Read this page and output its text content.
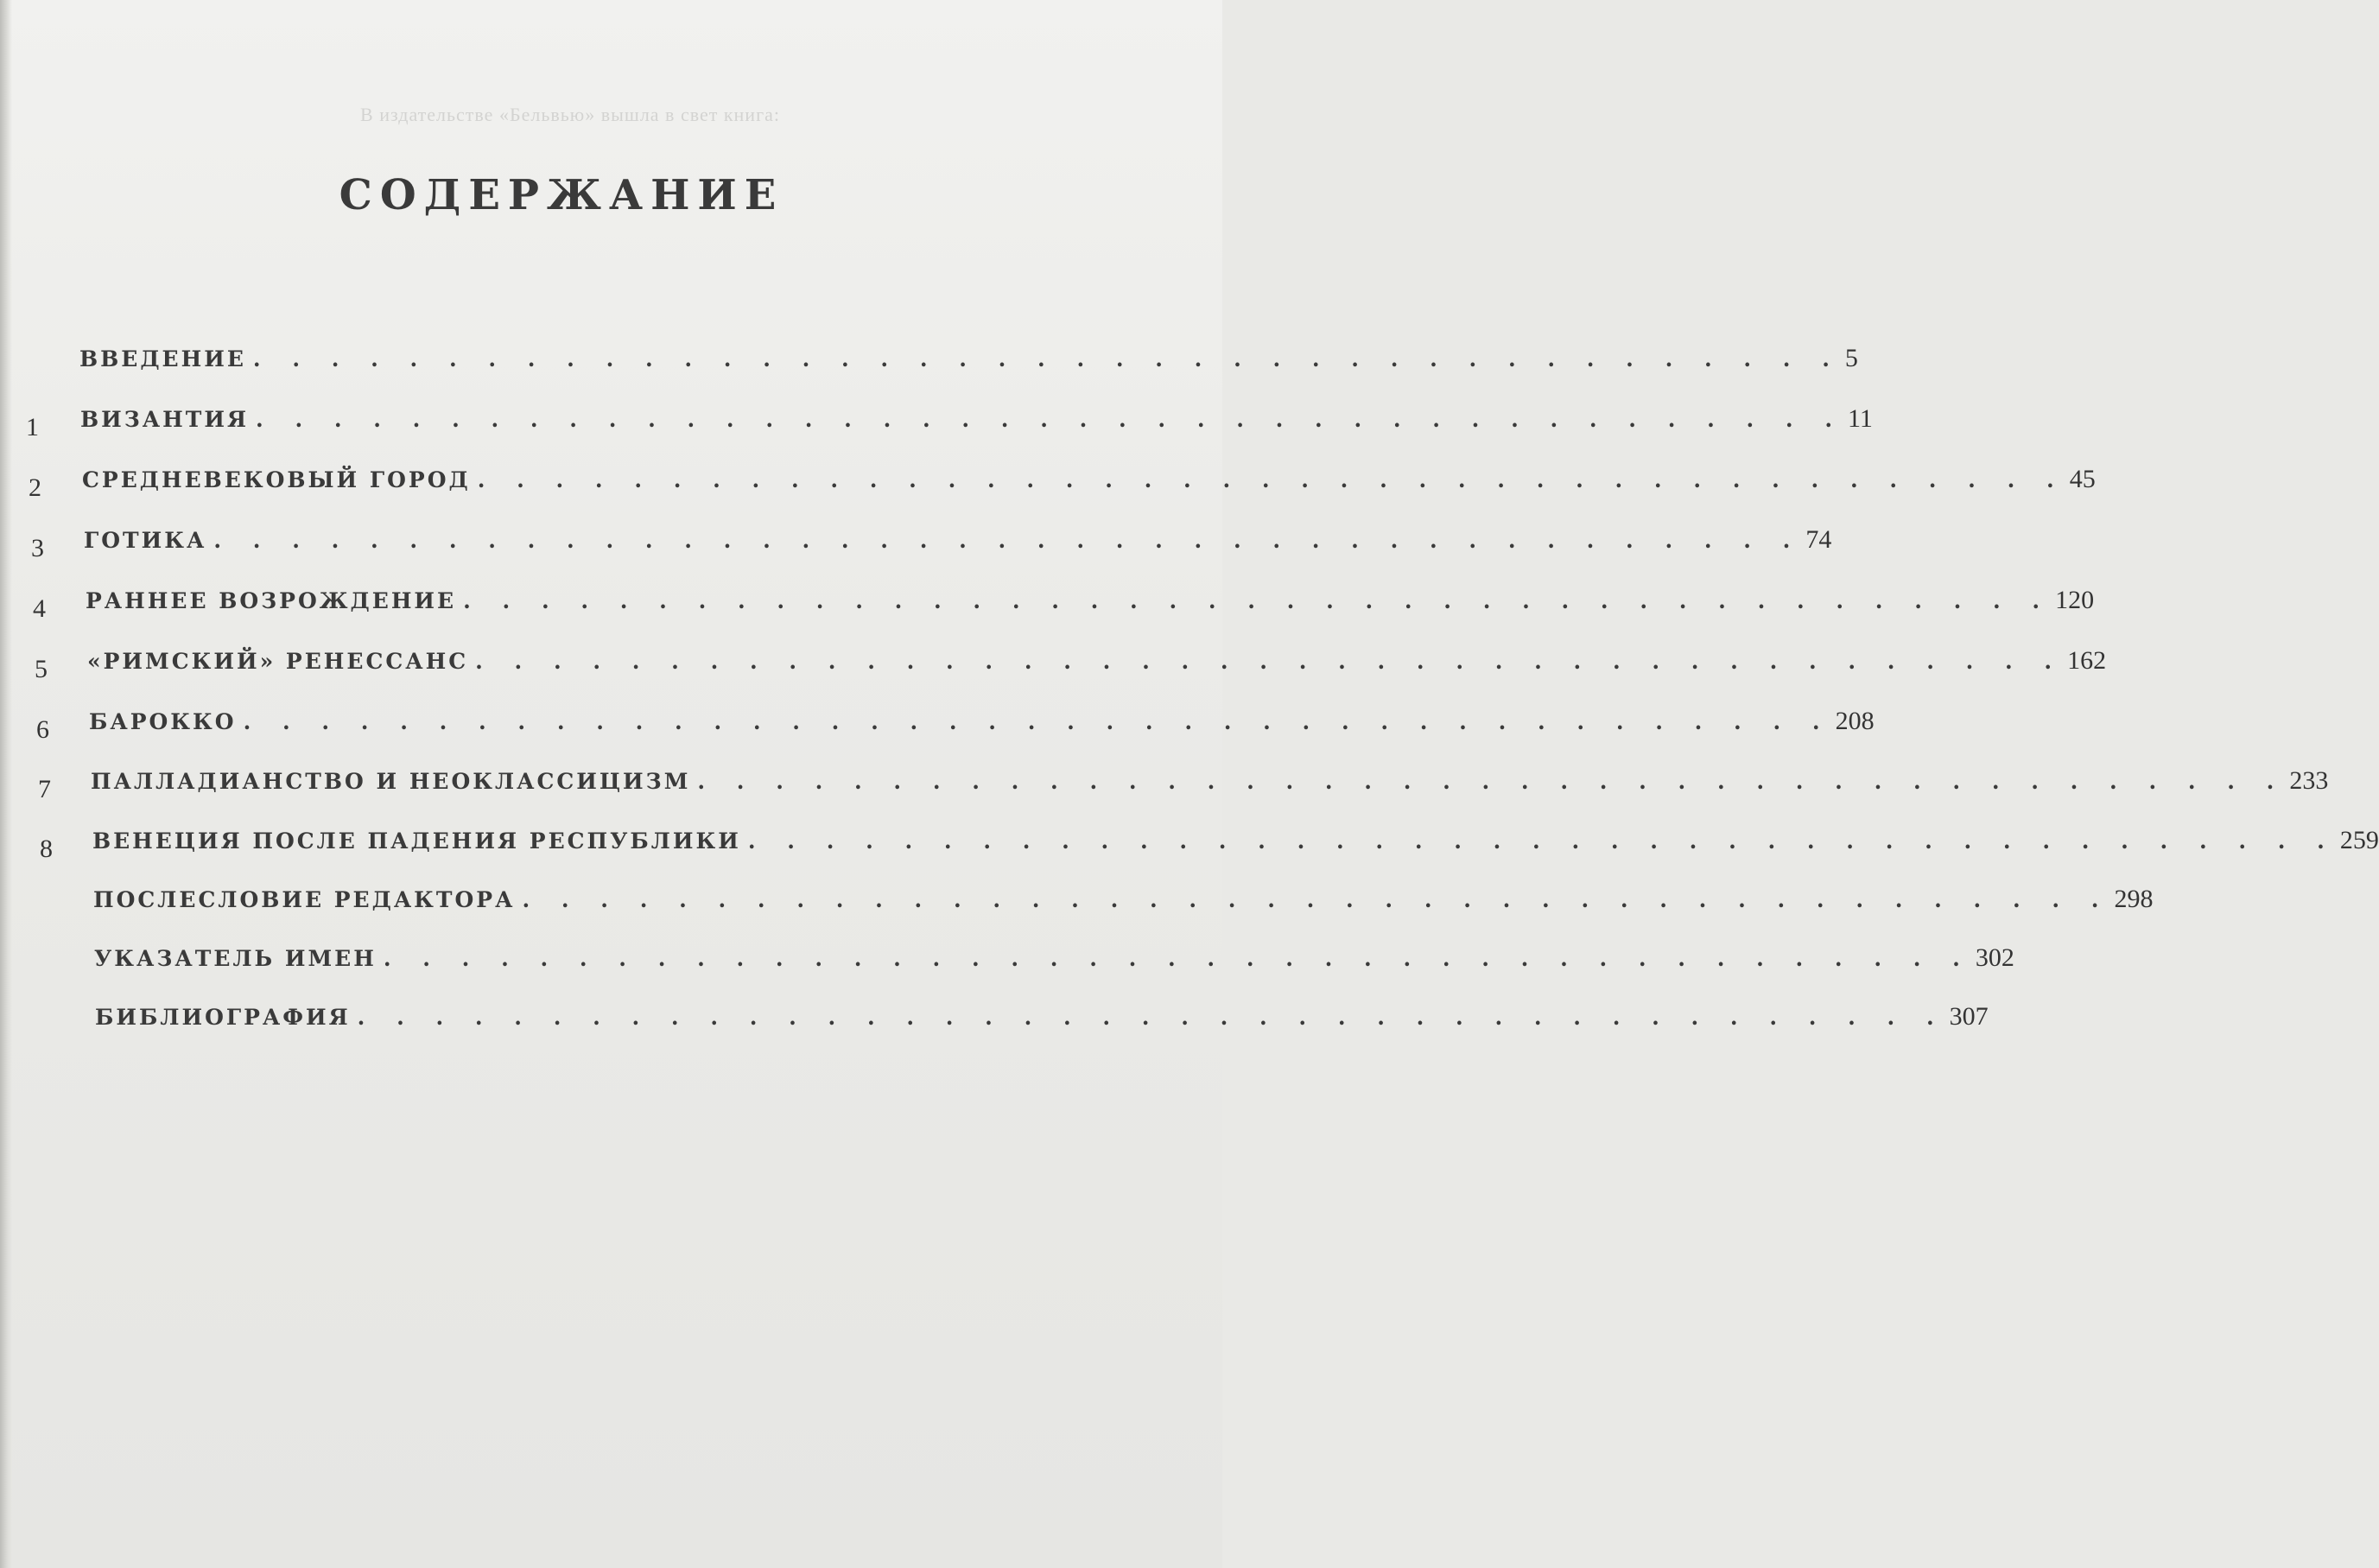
В издательстве «Бельвью» вышла в свет книга:
СОДЕРЖАНИЕ
ВВЕДЕНИЕ . . . . . . . . . . . . . . . . . . . . . . . . . . . . . . . . . . . . . . . . . 5
1 ВИЗАНТИЯ . . . . . . . . . . . . . . . . . . . . . . . . . . . . . . . . . . . . . . . . . 11
2 СРЕДНЕВЕКОВЫЙ ГОРОД . . . . . . . . . . . . . . . . . . . . . . . . . . . . . . . . . . . . . . . . . 45
3 ГОТИКА . . . . . . . . . . . . . . . . . . . . . . . . . . . . . . . . . . . . . . . . . 74
4 РАННЕЕ ВОЗРОЖДЕНИЕ . . . . . . . . . . . . . . . . . . . . . . . . . . . . . . . . . . . . . . . . . 120
5 «РИМСКИЙ» РЕНЕССАНС . . . . . . . . . . . . . . . . . . . . . . . . . . . . . . . . . . . . . . . . . 162
6 БАРОККО . . . . . . . . . . . . . . . . . . . . . . . . . . . . . . . . . . . . . . . . . 208
7 ПАЛЛАДИАНСТВО И НЕОКЛАССИЦИЗМ . . . . . . . . . . . . . . . . . . . . . . . . . . . . . . . . . . . . . . . . . 233
8 ВЕНЕЦИЯ ПОСЛЕ ПАДЕНИЯ РЕСПУБЛИКИ . . . . . . . . . . . . . . . . . . . . . . . . . . . . . . . . . . . . . . . . . 259
ПОСЛЕСЛОВИЕ РЕДАКТОРА . . . . . . . . . . . . . . . . . . . . . . . . . . . . . . . . . . . . . . . . . 298
УКАЗАТЕЛЬ ИМЕН . . . . . . . . . . . . . . . . . . . . . . . . . . . . . . . . . . . . . . . . . 302
БИБЛИОГРАФИЯ . . . . . . . . . . . . . . . . . . . . . . . . . . . . . . . . . . . . . . . . . 307
